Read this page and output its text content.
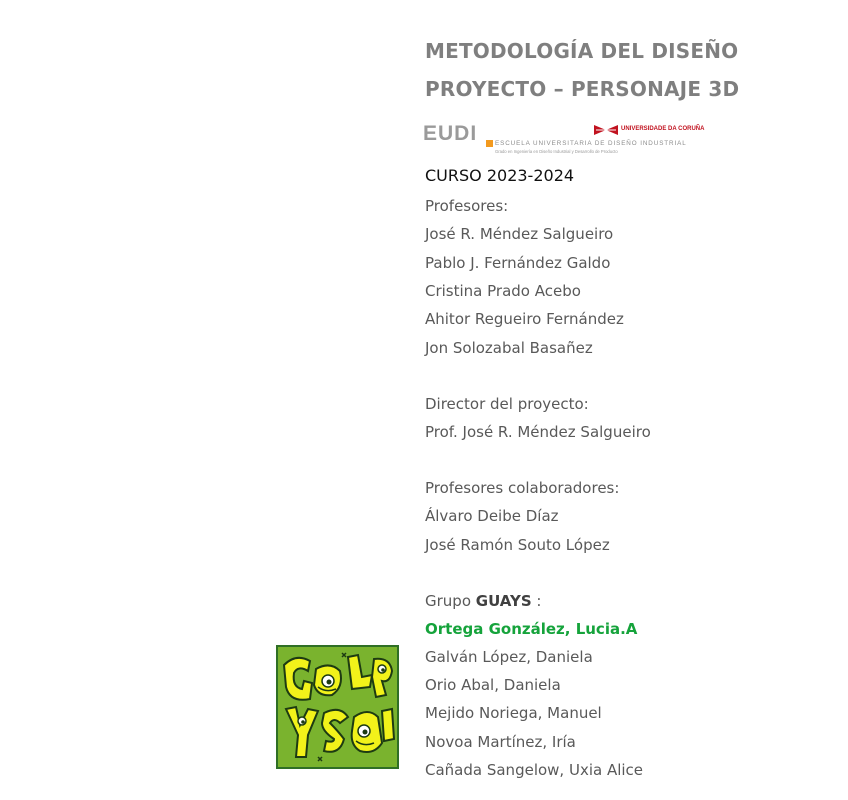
METODOLOGÍA DEL DISEÑO
PROYECTO – PERSONAJE 3D
EUDI	ESCUELA UNIVERSITARIA DE DISEÑO INDUSTRIAL
Grado en Ingeniería en Diseño Industrial y Desarrollo de Producto
UNIVERSIDADE DA CORUÑA
CURSO 2023-2024
Profesores:
José R. Méndez Salgueiro
Pablo J. Fernández Galdo
Cristina Prado Acebo
Ahitor Regueiro Fernández
Jon Solozabal Basañez
Director del proyecto:
Prof. José R. Méndez Salgueiro
Profesores colaboradores:
Álvaro Deibe Díaz
José Ramón Souto López
Grupo GUAYS :
Ortega González, Lucia.A
Galván López, Daniela
Orio Abal, Daniela
Mejido Noriega, Manuel
Novoa Martínez, Iría
Cañada Sangelow, Uxia Alice
